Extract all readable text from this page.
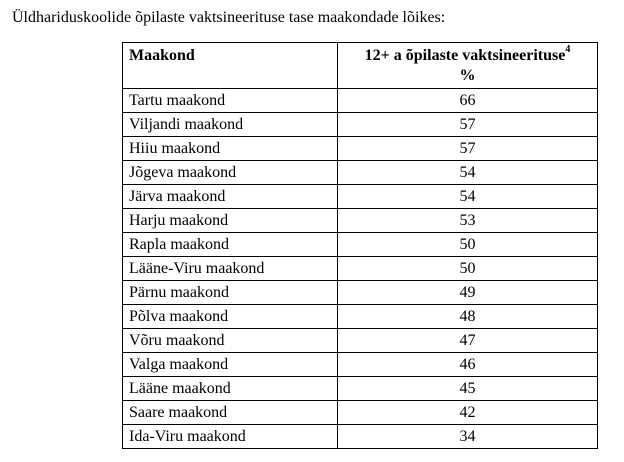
Üldhariduskoolide õpilaste vaktsineerituse tase maakondade lõikes:
Maakond	12+ a õpilaste vaktsineerituse$^4$
%
Tartu maakond	66
Viljandi maakond	57
Hiiu maakond	57
Jõgeva maakond	54
Järva maakond	54
Harju maakond	53
Rapla maakond	50
Lääne-Viru maakond	50
Pärnu maakond	49
Põlva maakond	48
Võru maakond	47
Valga maakond	46
Lääne maakond	45
Saare maakond	42
Ida-Viru maakond	34
